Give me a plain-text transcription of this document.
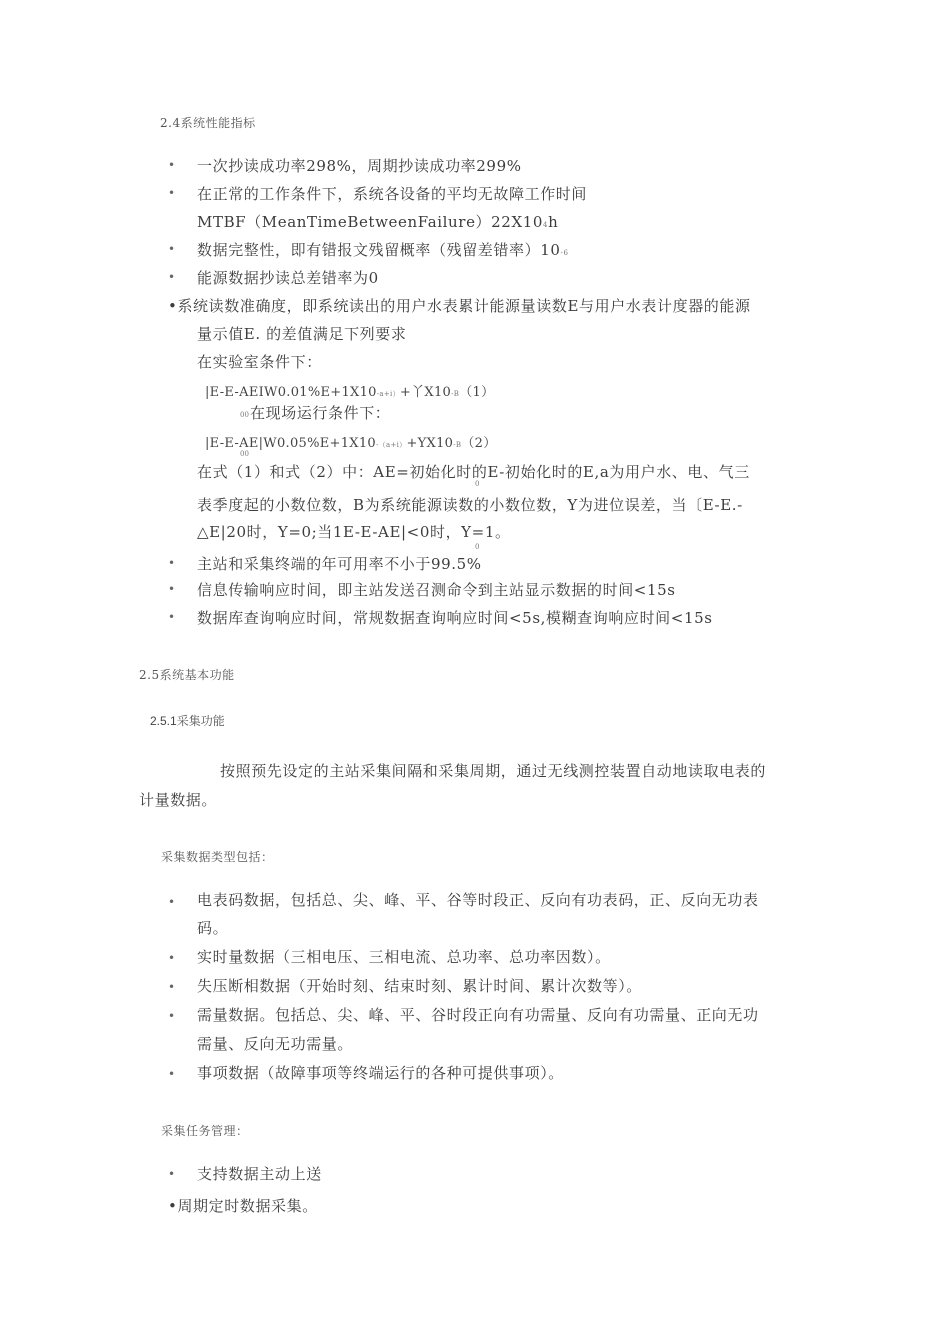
2.4系统性能指标
• 一次抄读成功率298%，周期抄读成功率299%
• 在正常的工作条件下，系统各设备的平均无故障工作时间
MTBF（MeanTimeBetweenFailure）22X104h
• 数据完整性，即有错报文残留概率（残留差错率）10-6
• 能源数据抄读总差错率为0
•系统读数准确度，即系统读出的用户水表累计能源量读数E与用户水表计度器的能源
量示值E. 的差值满足下列要求
在实验室条件下：
|E-E-AEIW0.01%E+1X10-a+i）+丫X10-B（1）
00 在现场运行条件下：
|E-E-AE|W0.05%E+1X10-（a+i）+YX10-B（2）
00
在式（1）和式（2）中：AE=初始化时的E-初始化时的E,a为用户水、电、气三
0
表季度起的小数位数，B为系统能源读数的小数位数，Y为进位误差，当〔E-E.-
△E|20时，Y=0;当1E-E-AE|<0时，Y=1。
0
• 主站和采集终端的年可用率不小于99.5%
• 信息传输响应时间，即主站发送召测命令到主站显示数据的时间<15s
• 数据库查询响应时间，常规数据查询响应时间<5s,模糊查询响应时间<15s
2.5系统基本功能
2.5.1采集功能
按照预先设定的主站采集间隔和采集周期，通过无线测控装置自动地读取电表的
计量数据。
采集数据类型包括：
• 电表码数据，包括总、尖、峰、平、谷等时段正、反向有功表码，正、反向无功表
码。
• 实时量数据（三相电压、三相电流、总功率、总功率因数）。
• 失压断相数据（开始时刻、结束时刻、累计时间、累计次数等）。
• 需量数据。包括总、尖、峰、平、谷时段正向有功需量、反向有功需量、正向无功
需量、反向无功需量。
• 事项数据（故障事项等终端运行的各种可提供事项）。
采集任务管理：
• 支持数据主动上送
•周期定时数据采集。
